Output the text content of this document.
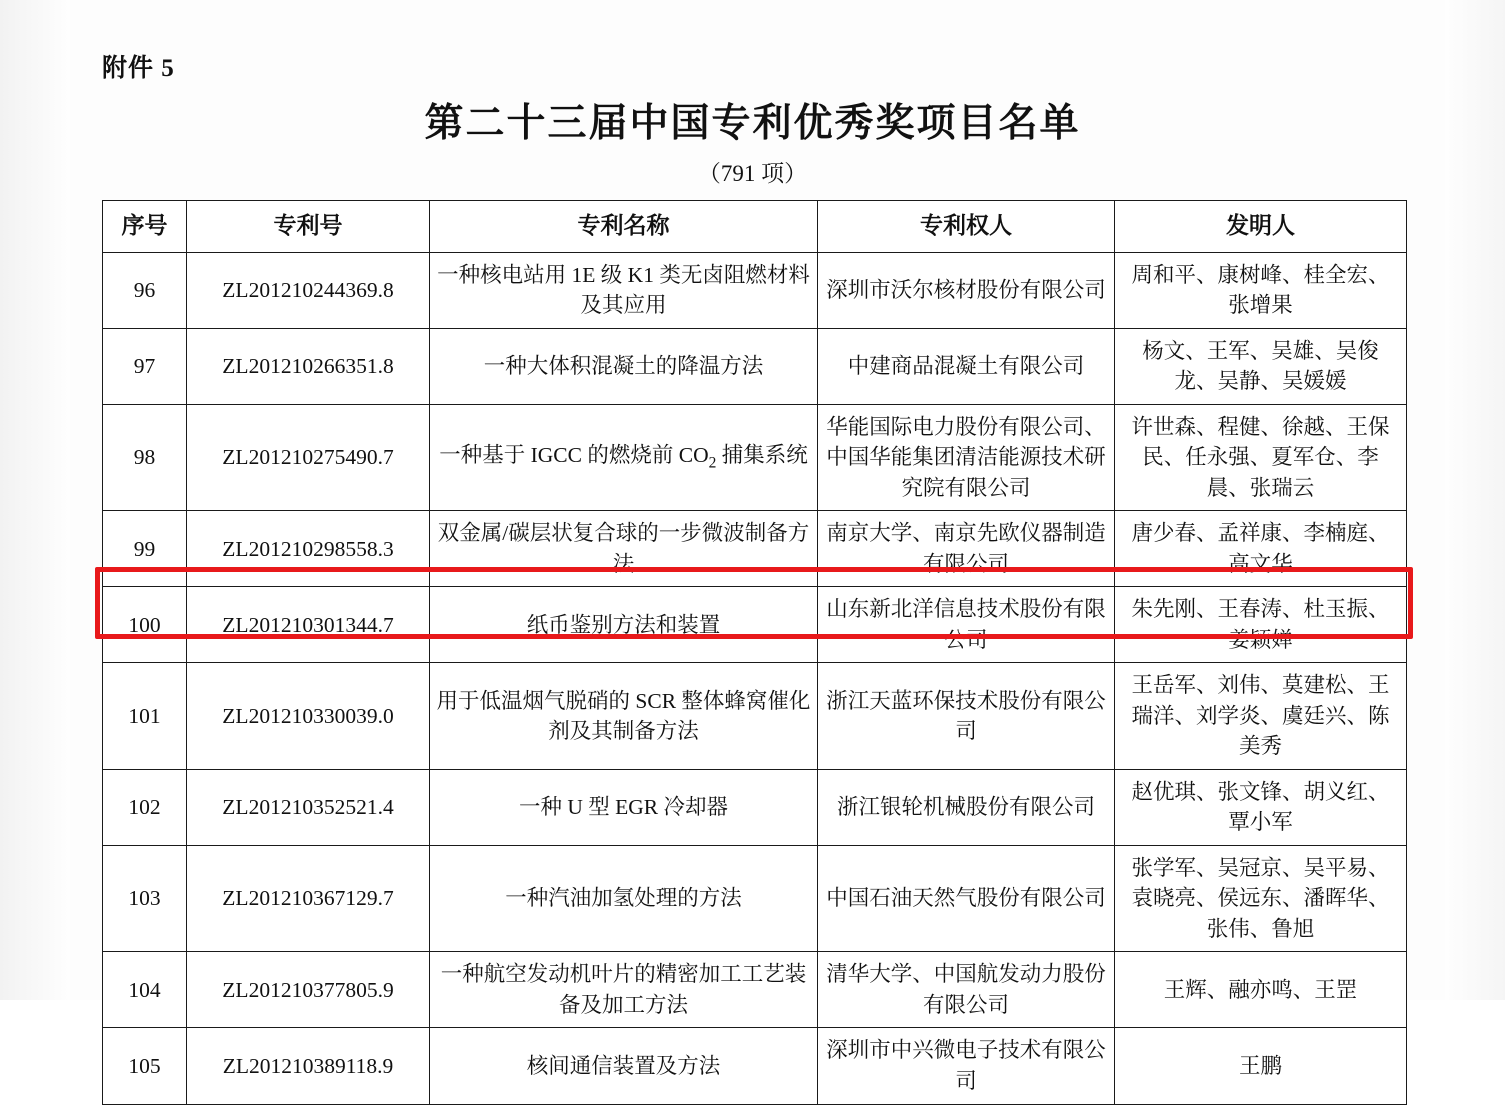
附件 5
第二十三届中国专利优秀奖项目名单
（791 项）
序号	专利号	专利名称	专利权人	发明人
96	ZL201210244369.8	一种核电站用 1E 级 K1 类无卤阻燃材料及其应用	深圳市沃尔核材股份有限公司	周和平、康树峰、桂全宏、张增果
97	ZL201210266351.8	一种大体积混凝土的降温方法	中建商品混凝土有限公司	杨文、王军、吴雄、吴俊龙、吴静、吴媛媛
98	ZL201210275490.7	一种基于 IGCC 的燃烧前 $CO_2$ 捕集系统	华能国际电力股份有限公司、中国华能集团清洁能源技术研究院有限公司	许世森、程健、徐越、王保民、任永强、夏军仓、李晨、张瑞云
99	ZL201210298558.3	双金属/碳层状复合球的一步微波制备方法	南京大学、南京先欧仪器制造有限公司	唐少春、孟祥康、李楠庭、高文华
100	ZL201210301344.7	纸币鉴别方法和装置	山东新北洋信息技术股份有限公司	朱先刚、王春涛、杜玉振、姜颖婵
101	ZL201210330039.0	用于低温烟气脱硝的 SCR 整体蜂窝催化剂及其制备方法	浙江天蓝环保技术股份有限公司	王岳军、刘伟、莫建松、王瑞洋、刘学炎、虞廷兴、陈美秀
102	ZL201210352521.4	一种 U 型 EGR 冷却器	浙江银轮机械股份有限公司	赵优琪、张文锋、胡义红、覃小军
103	ZL201210367129.7	一种汽油加氢处理的方法	中国石油天然气股份有限公司	张学军、吴冠京、吴平易、袁晓亮、侯远东、潘晖华、张伟、鲁旭
104	ZL201210377805.9	一种航空发动机叶片的精密加工工艺装备及加工方法	清华大学、中国航发动力股份有限公司	王辉、融亦鸣、王罡
105	ZL201210389118.9	核间通信装置及方法	深圳市中兴微电子技术有限公司	王鹏
